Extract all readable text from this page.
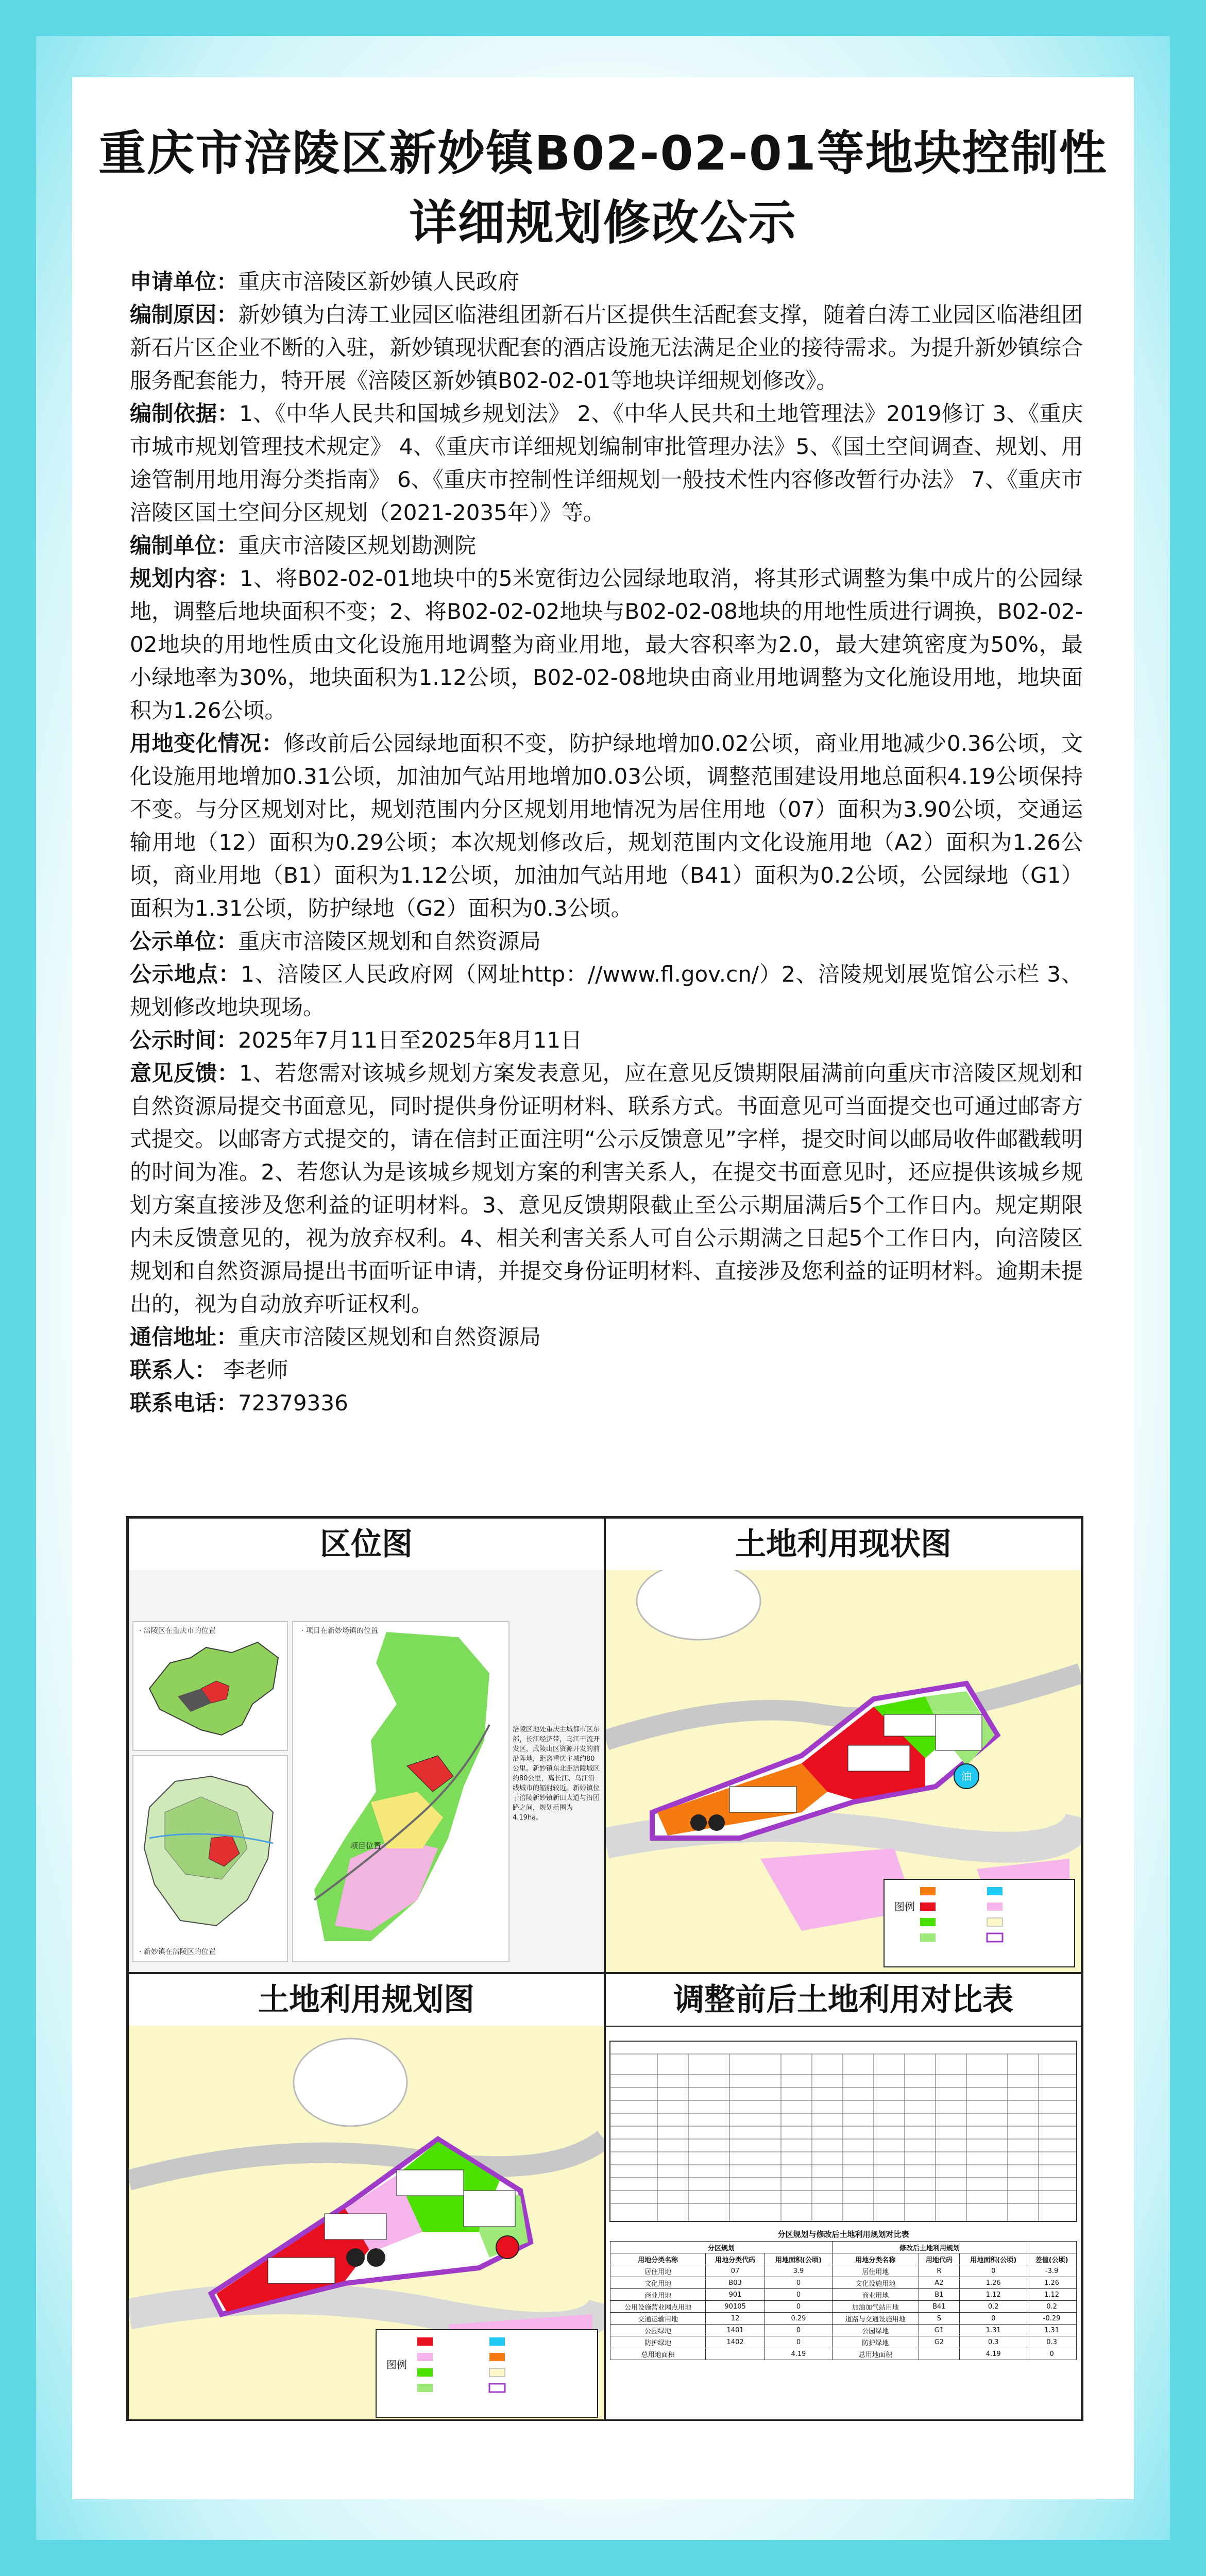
重庆市涪陵区新妙镇B02-02-01等地块控制性
详细规划修改公示

申请单位：重庆市涪陵区新妙镇人民政府

编制原因：新妙镇为白涛工业园区临港组团新石片区提供生活配套支撑，随着白涛工业园区临港组团新石片区企业不断的入驻，新妙镇现状配套的酒店设施无法满足企业的接待需求。为提升新妙镇综合服务配套能力，特开展《涪陵区新妙镇B02-02-01等地块详细规划修改》。

编制依据：1、《中华人民共和国城乡规划法》 2、《中华人民共和土地管理法》2019修订 3、《重庆市城市规划管理技术规定》 4、《重庆市详细规划编制审批管理办法》5、《国土空间调查、规划、用途管制用地用海分类指南》 6、《重庆市控制性详细规划一般技术性内容修改暂行办法》 7、《重庆市涪陵区国土空间分区规划（2021-2035年）》等。

编制单位：重庆市涪陵区规划勘测院

规划内容：1、将B02-02-01地块中的5米宽街边公园绿地取消，将其形式调整为集中成片的公园绿地，调整后地块面积不变；2、将B02-02-02地块与B02-02-08地块的用地性质进行调换，B02-02-02地块的用地性质由文化设施用地调整为商业用地，最大容积率为2.0，最大建筑密度为50%，最小绿地率为30%，地块面积为1.12公顷，B02-02-08地块由商业用地调整为文化施设用地，地块面积为1.26公顷。

用地变化情况：修改前后公园绿地面积不变，防护绿地增加0.02公顷，商业用地减少0.36公顷，文化设施用地增加0.31公顷，加油加气站用地增加0.03公顷，调整范围建设用地总面积4.19公顷保持不变。与分区规划对比，规划范围内分区规划用地情况为居住用地（07）面积为3.90公顷，交通运输用地（12）面积为0.29公顷；本次规划修改后，规划范围内文化设施用地（A2）面积为1.26公顷，商业用地（B1）面积为1.12公顷，加油加气站用地（B41）面积为0.2公顷，公园绿地（G1）面积为1.31公顷，防护绿地（G2）面积为0.3公顷。

公示单位：重庆市涪陵区规划和自然资源局

公示地点：1、涪陵区人民政府网（网址http：//www.fl.gov.cn/）2、涪陵规划展览馆公示栏 3、规划修改地块现场。

公示时间：2025年7月11日至2025年8月11日

意见反馈：1、若您需对该城乡规划方案发表意见，应在意见反馈期限届满前向重庆市涪陵区规划和自然资源局提交书面意见，同时提供身份证明材料、联系方式。书面意见可当面提交也可通过邮寄方式提交。以邮寄方式提交的，请在信封正面注明“公示反馈意见”字样，提交时间以邮局收件邮戳载明的时间为准。2、若您认为是该城乡规划方案的利害关系人，在提交书面意见时，还应提供该城乡规划方案直接涉及您利益的证明材料。3、意见反馈期限截止至公示期届满后5个工作日内。规定期限内未反馈意见的，视为放弃权利。4、相关利害关系人可自公示期满之日起5个工作日内，向涪陵区规划和自然资源局提出书面听证申请，并提交身份证明材料、直接涉及您利益的证明材料。逾期未提出的，视为自动放弃听证权利。

通信地址：重庆市涪陵区规划和自然资源局

联系人： 李老师

联系电话：72379336

区位图
· 涪陵区在重庆市的位置
· 新妙镇在涪陵区的位置
项目位置
· 项目在新妙场镇的位置
涪陵区地处重庆主城都市区东部，长江经济带，乌江干流开发区，武陵山区资源开发的前沿阵地，距离重庆主城约80公里。新妙镇东北距涪陵城区约80公里，离长江、乌江沿线城市的辐射较近。新妙镇位于涪陵新妙镇新田大道与沿团路之间，规划范围为4.19ha。
土地利用现状图
油
图例
土地利用规划图
图例
调整前后土地利用对比表
分区规划与修改后土地利用规划对比表
分区规划			修改后土地利用规划			
用地分类名称	用地分类代码	用地面积(公顷)	用地分类名称	用地代码	用地面积(公顷)	差值(公顷)
居住用地	07	3.9	居住用地	R	0	-3.9
文化用地	B03	0	文化设施用地	A2	1.26	1.26
商业用地	901	0	商业用地	B1	1.12	1.12
公用设施营业网点用地	90105	0	加油加气站用地	B41	0.2	0.2
交通运输用地	12	0.29	道路与交通设施用地	S	0	-0.29
公园绿地	1401	0	公园绿地	G1	1.31	1.31
防护绿地	1402	0	防护绿地	G2	0.3	0.3
总用地面积		4.19	总用地面积		4.19	0
